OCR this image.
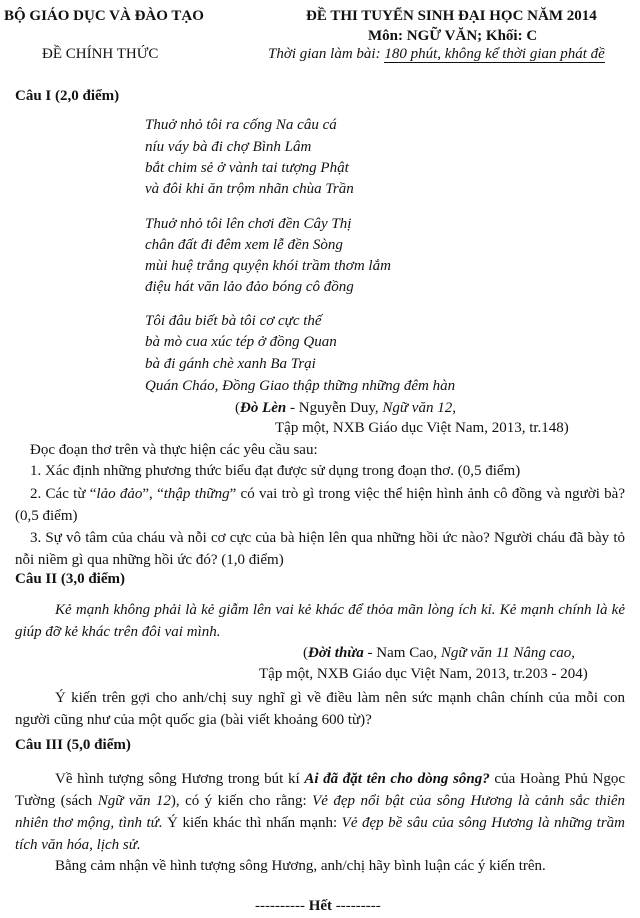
BỘ GIÁO DỤC VÀ ĐÀO TẠO
ĐỀ CHÍNH THỨC
ĐỀ THI TUYỂN SINH ĐẠI HỌC NĂM 2014
Môn: NGỮ VĂN; Khối: C
Thời gian làm bài: 180 phút, không kể thời gian phát đề
Câu I (2,0 điểm)
Thuở nhỏ tôi ra cống Na câu cá
níu váy bà đi chợ Bình Lâm
bắt chim sẻ ở vành tai tượng Phật
và đôi khi ăn trộm nhãn chùa Trần
Thuở nhỏ tôi lên chơi đền Cây Thị
chân đất đi đêm xem lễ đền Sòng
mùi huệ trắng quyện khói trầm thơm lắm
điệu hát văn lảo đảo bóng cô đồng
Tôi đâu biết bà tôi cơ cực thế
bà mò cua xúc tép ở đồng Quan
bà đi gánh chè xanh Ba Trại
Quán Cháo, Đồng Giao thập thững những đêm hàn
(Đò Lèn - Nguyễn Duy, Ngữ văn 12,
Tập một, NXB Giáo dục Việt Nam, 2013, tr.148)
Đọc đoạn thơ trên và thực hiện các yêu cầu sau:
1. Xác định những phương thức biểu đạt được sử dụng trong đoạn thơ. (0,5 điểm)
2. Các từ “lảo đảo”, “thập thững” có vai trò gì trong việc thể hiện hình ảnh cô đồng và người bà? (0,5 điểm)
3. Sự vô tâm của cháu và nỗi cơ cực của bà hiện lên qua những hồi ức nào? Người cháu đã bày tỏ nỗi niềm gì qua những hồi ức đó? (1,0 điểm)
Câu II (3,0 điểm)
Kẻ mạnh không phải là kẻ giẫm lên vai kẻ khác để thỏa mãn lòng ích kỉ. Kẻ mạnh chính là kẻ giúp đỡ kẻ khác trên đôi vai mình.
(Đời thừa - Nam Cao, Ngữ văn 11 Nâng cao,
Tập một, NXB Giáo dục Việt Nam, 2013, tr.203 - 204)
Ý kiến trên gợi cho anh/chị suy nghĩ gì về điều làm nên sức mạnh chân chính của mỗi con người cũng như của một quốc gia (bài viết khoảng 600 từ)?
Câu III (5,0 điểm)
Về hình tượng sông Hương trong bút kí Ai đã đặt tên cho dòng sông? của Hoàng Phủ Ngọc Tường (sách Ngữ văn 12), có ý kiến cho rằng: Vẻ đẹp nổi bật của sông Hương là cảnh sắc thiên nhiên thơ mộng, tình tứ. Ý kiến khác thì nhấn mạnh: Vẻ đẹp bề sâu của sông Hương là những trầm tích văn hóa, lịch sử.
Bằng cảm nhận về hình tượng sông Hương, anh/chị hãy bình luận các ý kiến trên.
---------- Hết ---------
